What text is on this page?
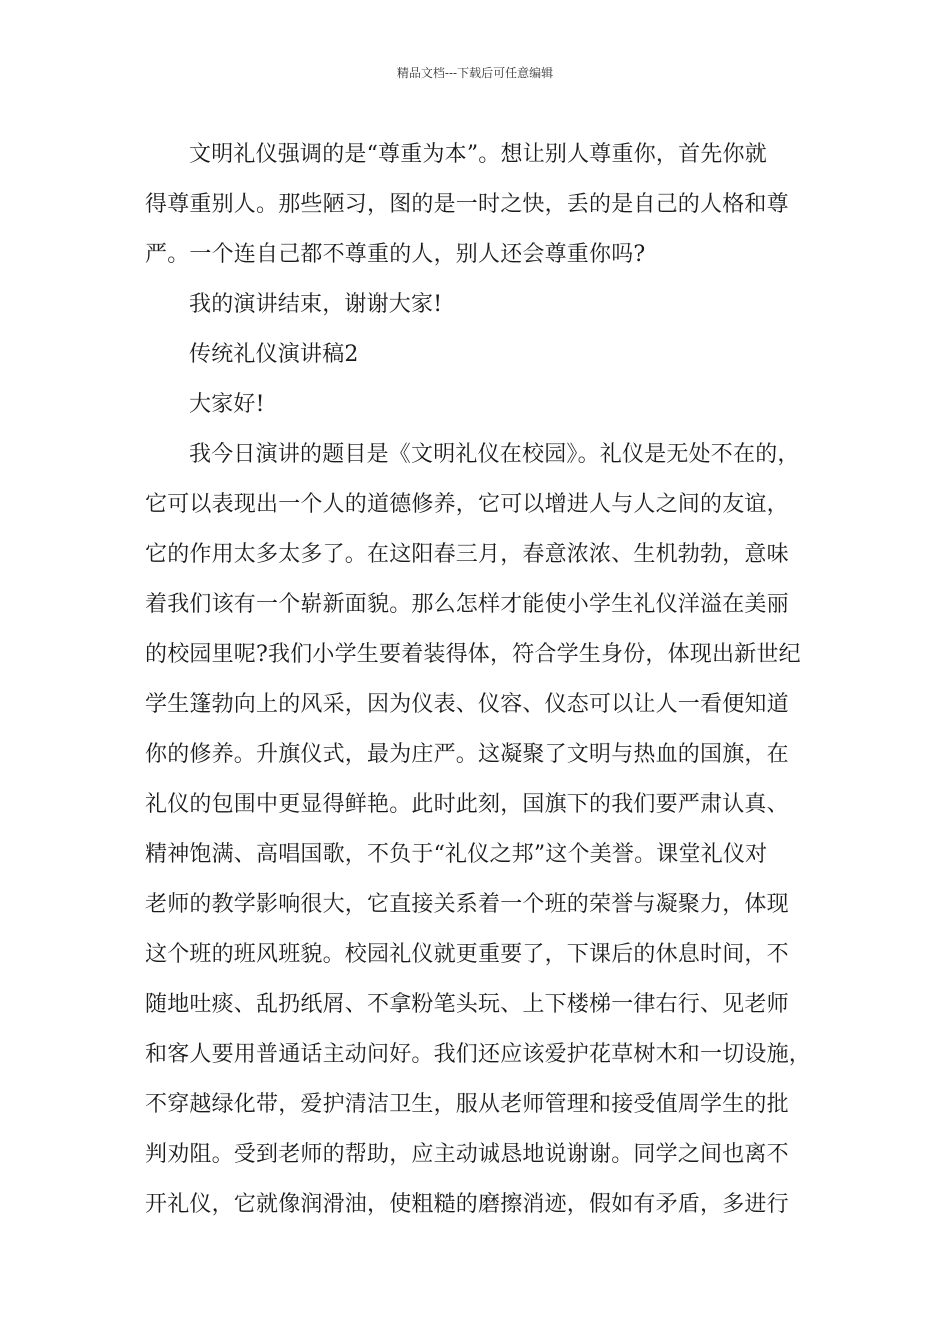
精品文档---下载后可任意编辑
文明礼仪强调的是“尊重为本”。想让别人尊重你，首先你就
得尊重别人。那些陋习，图的是一时之快，丢的是自己的人格和尊
严。一个连自己都不尊重的人，别人还会尊重你吗?
我的演讲结束，谢谢大家!
传统礼仪演讲稿2
大家好!
我今日演讲的题目是《文明礼仪在校园》。礼仪是无处不在的，
它可以表现出一个人的道德修养，它可以增进人与人之间的友谊，
它的作用太多太多了。在这阳春三月，春意浓浓、生机勃勃，意味
着我们该有一个崭新面貌。那么怎样才能使小学生礼仪洋溢在美丽
的校园里呢?我们小学生要着装得体，符合学生身份，体现出新世纪
学生篷勃向上的风采，因为仪表、仪容、仪态可以让人一看便知道
你的修养。升旗仪式，最为庄严。这凝聚了文明与热血的国旗，在
礼仪的包围中更显得鲜艳。此时此刻，国旗下的我们要严肃认真、
精神饱满、高唱国歌，不负于“礼仪之邦”这个美誉。课堂礼仪对
老师的教学影响很大，它直接关系着一个班的荣誉与凝聚力，体现
这个班的班风班貌。校园礼仪就更重要了，下课后的休息时间，不
随地吐痰、乱扔纸屑、不拿粉笔头玩、上下楼梯一律右行、见老师
和客人要用普通话主动问好。我们还应该爱护花草树木和一切设施，
不穿越绿化带，爱护清洁卫生，服从老师管理和接受值周学生的批
判劝阻。受到老师的帮助，应主动诚恳地说谢谢。同学之间也离不
开礼仪，它就像润滑油，使粗糙的磨擦消迹，假如有矛盾，多进行
